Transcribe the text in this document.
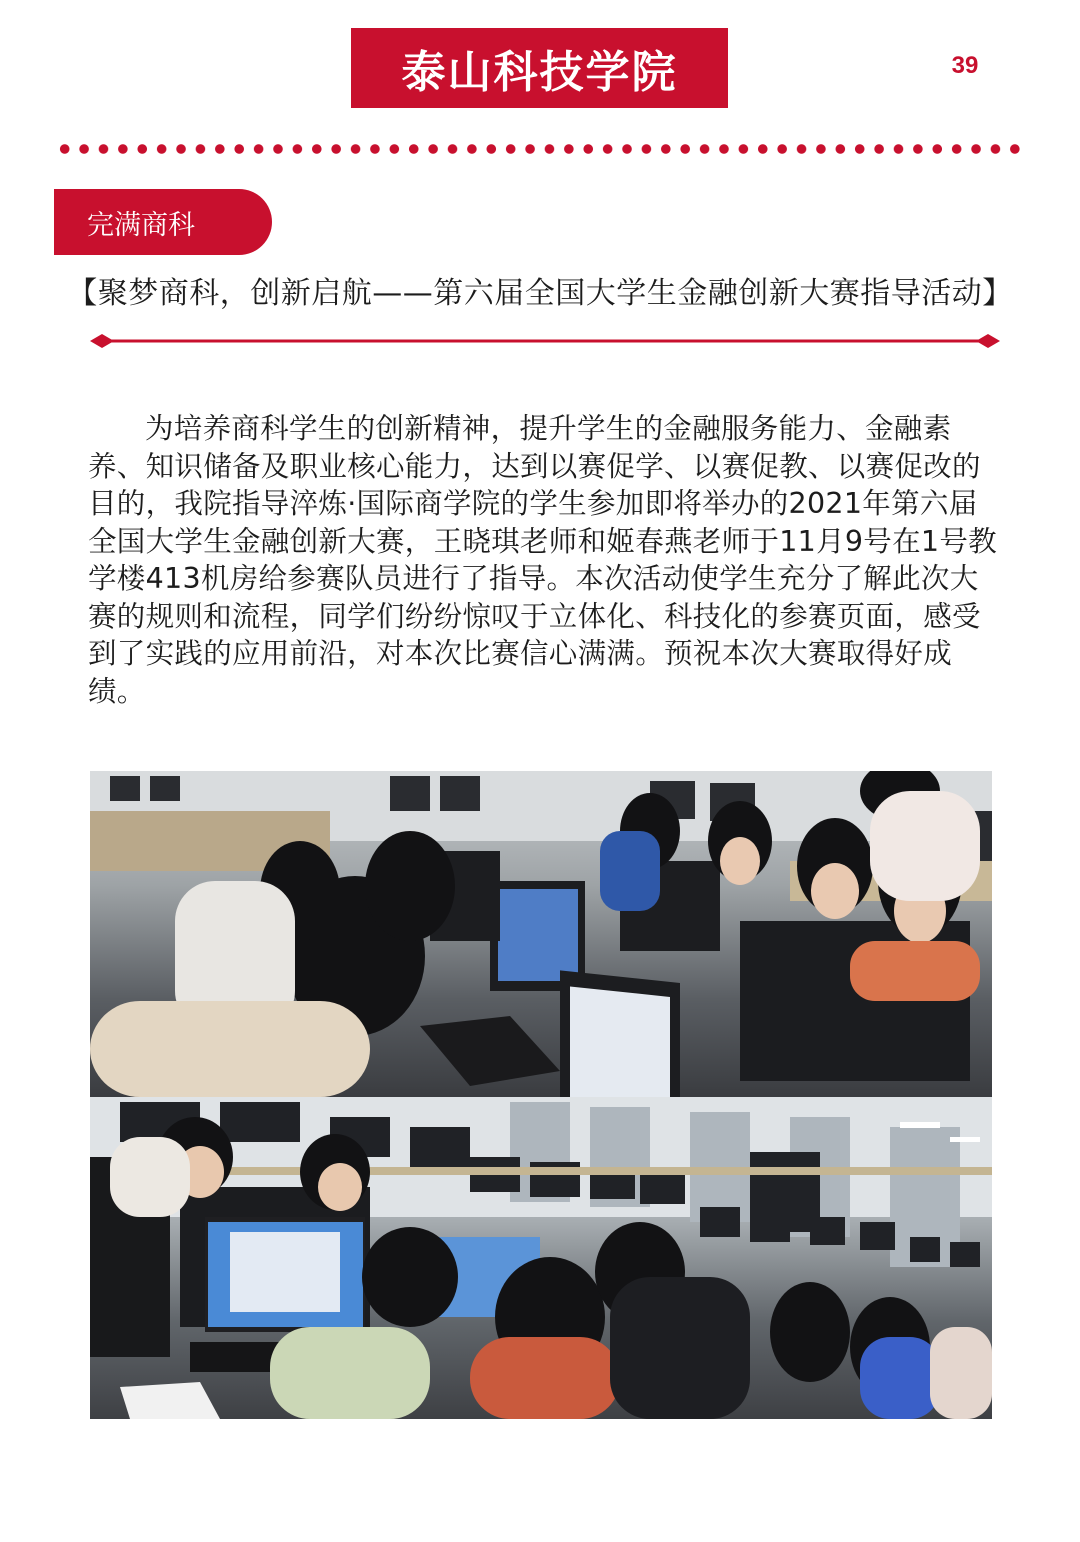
泰山科技学院	39
完满商科
【聚梦商科，创新启航——第六届全国大学生金融创新大赛指导活动】
为培养商科学生的创新精神，提升学生的金融服务能力、金融素养、知识储备及职业核心能力，达到以赛促学、以赛促教、以赛促改的目的，我院指导淬炼·国际商学院的学生参加即将举办的2021年第六届全国大学生金融创新大赛，王晓琪老师和姬春燕老师于11月9号在1号教学楼413机房给参赛队员进行了指导。本次活动使学生充分了解此次大赛的规则和流程，同学们纷纷惊叹于立体化、科技化的参赛页面，感受到了实践的应用前沿，对本次比赛信心满满。预祝本次大赛取得好成绩。
